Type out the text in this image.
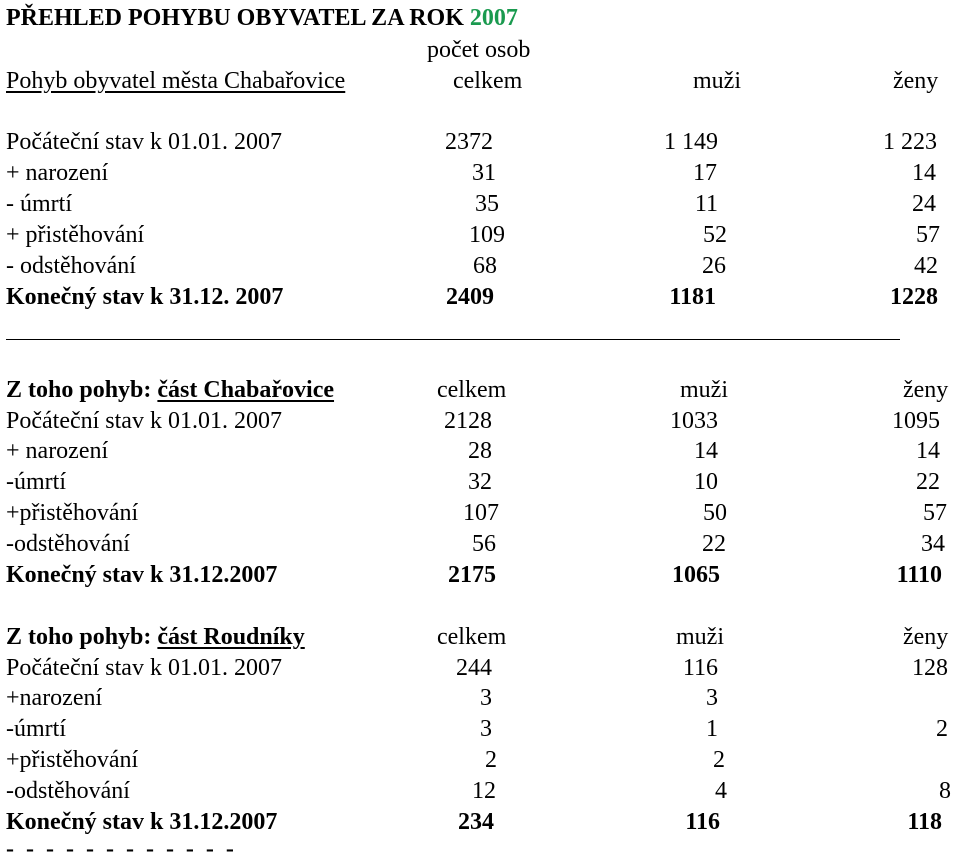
PŘEHLED POHYBU OBYVATEL ZA ROK 2007
počet osob
Pohyb obyvatel města Chabařovice	celkem	muži	ženy
Počáteční stav k 01.01. 2007	2372	1 149	1 223
+ narození	31	17	14
- úmrtí	35	11	24
+ přistěhování	109	52	57
- odstěhování	68	26	42
Konečný stav k 31.12. 2007	2409	1181	1228
Z toho pohyb: část Chabařovice	celkem	muži	ženy
Počáteční stav k 01.01. 2007	2128	1033	1095
+ narození	28	14	14
-úmrtí	32	10	22
+přistěhování	107	50	57
-odstěhování	56	22	34
Konečný stav k 31.12.2007	2175	1065	1110
Z toho pohyb: část Roudníky	celkem	muži	ženy
Počáteční stav k 01.01. 2007	244	116	128
+narození	3	3
-úmrtí	3	1	2
+přistěhování	2	2
-odstěhování	12	4	8
Konečný stav k 31.12.2007	234	116	118
- - - - - - - - - - - -
